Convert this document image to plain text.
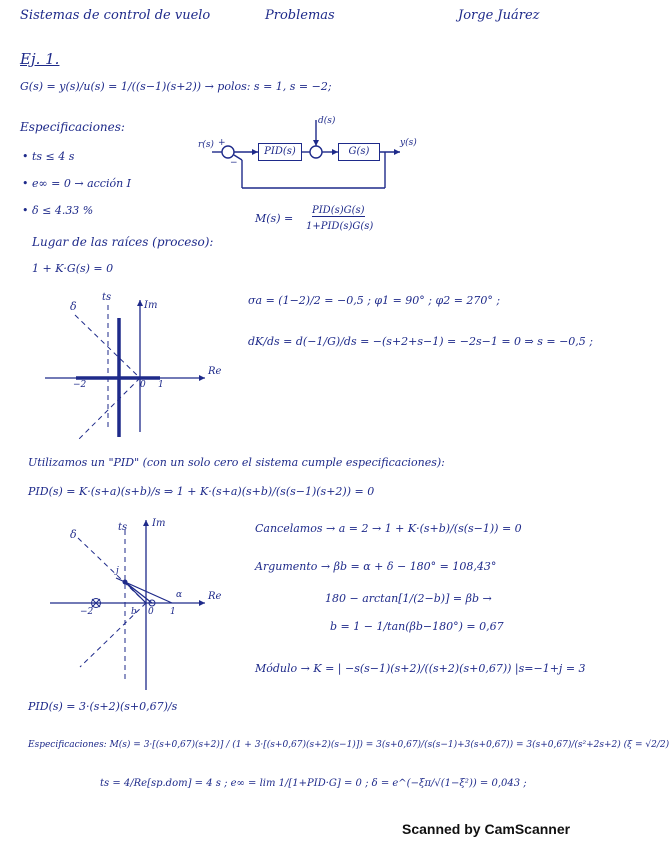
Sistemas de control de vuelo	Problemas	Jorge Juárez
Ej. 1.
G(s) = y(s)/u(s) = 1/((s−1)(s+2)) → polos: s = 1, s = −2;
Especificaciones:
• ts ≤ 4 s
• e∞ = 0 → acción I
• δ ≤ 4.33 %
r(s) +
−
PID(s)
d(s)
G(s)
y(s)
M(s) =
PID(s)G(s)
1+PID(s)G(s)
Lugar de las raíces (proceso):
1 + K·G(s) = 0
Im
Re
δ
ts
−2	1
0
σa = (1−2)/2 = −0,5 ; φ1 = 90° ; φ2 = 270° ;
dK/ds = d(−1/G)/ds = −(s+2+s−1) = −2s−1 = 0 ⇒ s = −0,5 ;
Utilizamos un "PID" (con un solo cero el sistema cumple especificaciones):
PID(s) = K·(s+a)(s+b)/s ⇒ 1 + K·(s+a)(s+b)/(s(s−1)(s+2)) = 0
Im
Re
δ
ts
−2	b 0 1
α
j
Cancelamos → a = 2 → 1 + K·(s+b)/(s(s−1)) = 0
Argumento → βb = α + δ − 180° = 108,43°
180 − arctan[1/(2−b)] = βb →
b = 1 − 1/tan(βb−180°) = 0,67
Módulo → K = | −s(s−1)(s+2)/((s+2)(s+0,67)) |s=−1+j = 3
PID(s) = 3·(s+2)(s+0,67)/s
Especificaciones: M(s) = 3·[(s+0,67)(s+2)] / (1 + 3·[(s+0,67)(s+2)(s−1)]) = 3(s+0,67)/(s(s−1)+3(s+0,67)) = 3(s+0,67)/(s²+2s+2) (ξ = √2/2)
ts = 4/Re[sp.dom] = 4 s ; e∞ = lim 1/[1+PID·G] = 0 ; δ = e^(−ξπ/√(1−ξ²)) = 0,043 ;
Scanned by CamScanner
